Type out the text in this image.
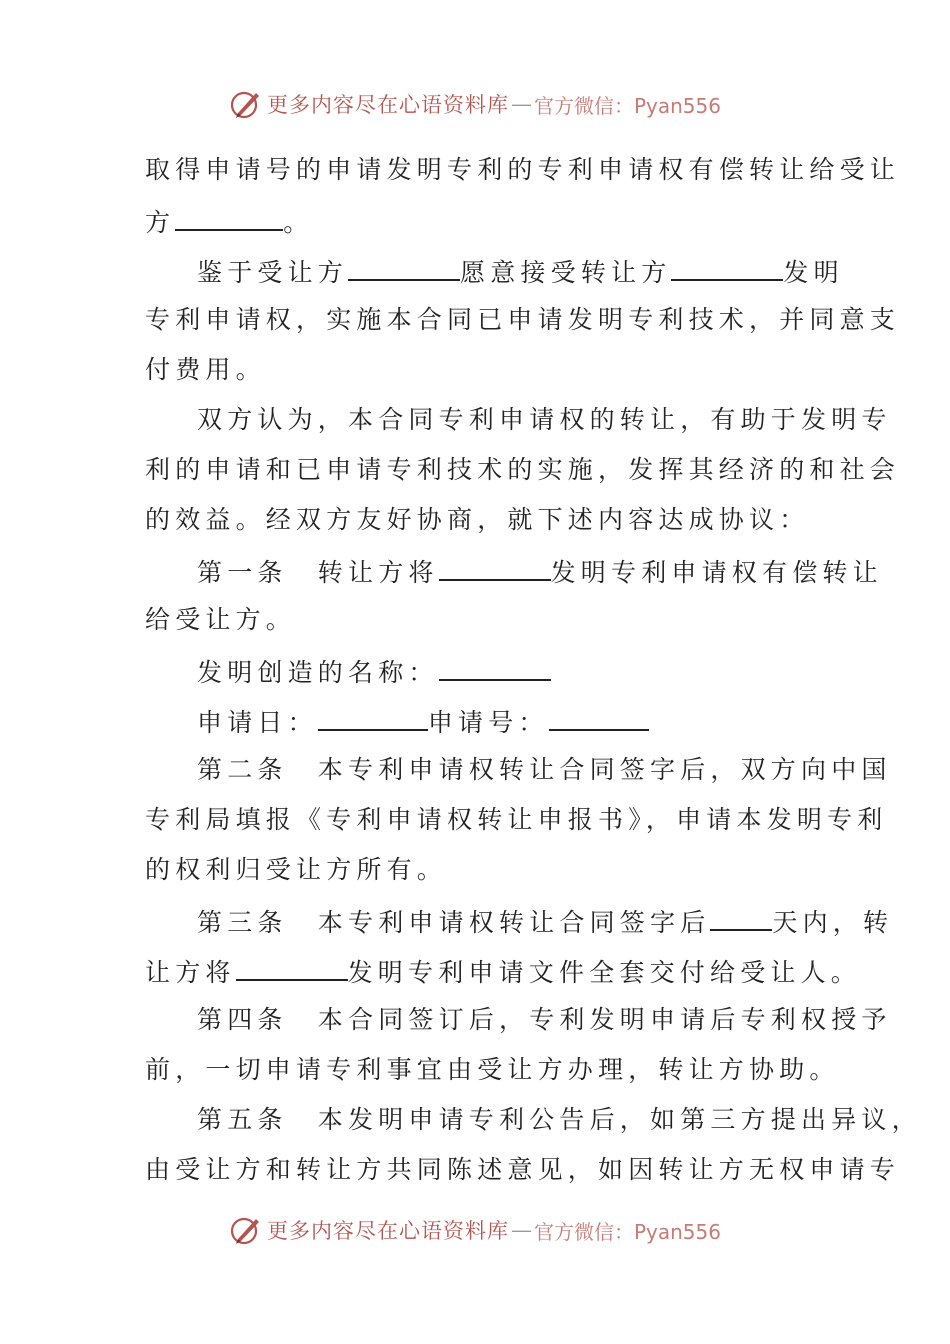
更多内容尽在心语资料库 — 官方微信：Pyan556
取得申请号的申请发明专利的专利申请权有偿转让给受让
方	。
鉴于受让方	愿意接受转让方	发明
专利申请权，实施本合同已申请发明专利技术，并同意支
付费用。
双方认为，本合同专利申请权的转让，有助于发明专
利的申请和已申请专利技术的实施，发挥其经济的和社会
的效益。经双方友好协商，就下述内容达成协议：
第一条　转让方将	发明专利申请权有偿转让
给受让方。
发明创造的名称：
申请日：	申请号：
第二条　本专利申请权转让合同签字后，双方向中国
专利局填报《专利申请权转让申报书》，申请本发明专利
的权利归受让方所有。
第三条　本专利申请权转让合同签字后 天内，转
让方将	发明专利申请文件全套交付给受让人。
第四条　本合同签订后，专利发明申请后专利权授予
前，一切申请专利事宜由受让方办理，转让方协助。
第五条　本发明申请专利公告后，如第三方提出异议，
由受让方和转让方共同陈述意见，如因转让方无权申请专
更多内容尽在心语资料库 — 官方微信：Pyan556
